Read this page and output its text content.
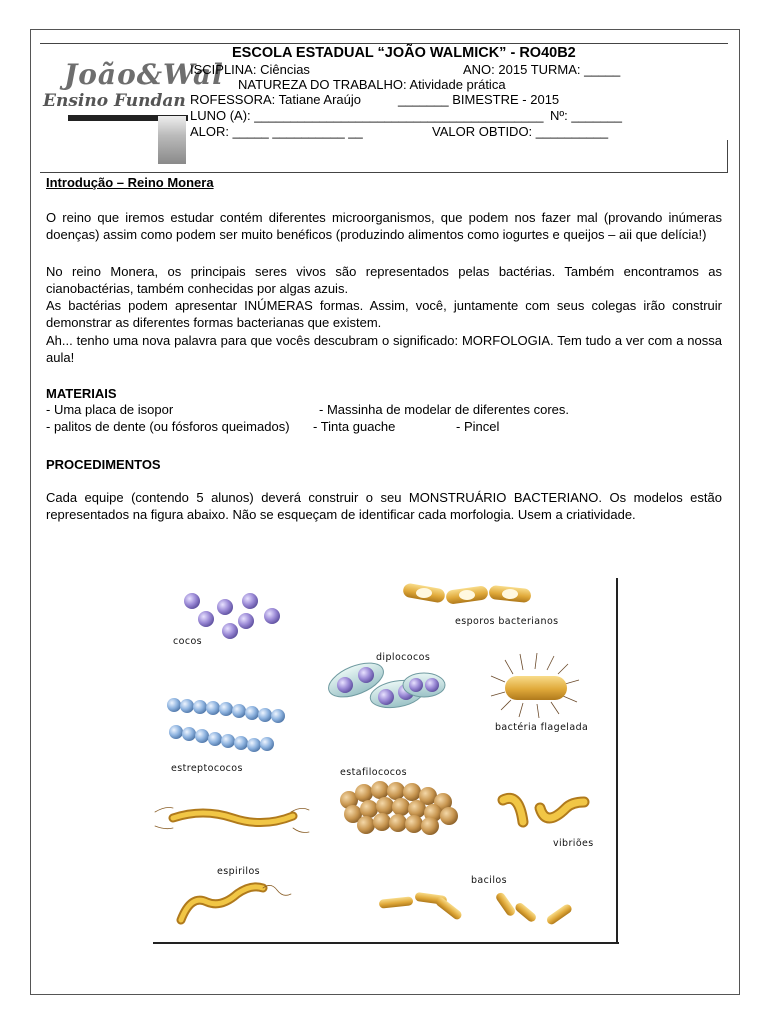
João&Wal
Ensino Fundan
ESCOLA ESTADUAL “JOÃO WALMICK” - RO40B2
ISCIPLINA: Ciências	ANO: 2015 TURMA: _____
NATUREZA DO TRABALHO: Atividade prática
ROFESSORA: Tatiane Araújo	_______ BIMESTRE - 2015
LUNO (A): ________________________________________ Nº: _______
ALOR: _____ __________ __	VALOR OBTIDO: __________
Introdução – Reino Monera
O reino que iremos estudar contém diferentes microorganismos, que podem nos fazer mal (provando inúmeras doenças) assim como podem ser muito benéficos (produzindo alimentos como iogurtes e queijos – aii que delícia!)
No reino Monera, os principais seres vivos são representados pelas bactérias. Também encontramos as cianobactérias, também conhecidas por algas azuis.
As bactérias podem apresentar INÚMERAS formas. Assim, você, juntamente com seus colegas irão construir demonstrar as diferentes formas bacterianas que existem.
Ah... tenho uma nova palavra para que vocês descubram o significado: MORFOLOGIA. Tem tudo a ver com a nossa aula!
MATERIAIS
- Uma placa de isopor	- Massinha de modelar de diferentes cores.
- palitos de dente (ou fósforos queimados) - Tinta guache	- Pincel
PROCEDIMENTOS
Cada equipe (contendo 5 alunos) deverá construir o seu MONSTRUÁRIO BACTERIANO. Os modelos estão representados na figura abaixo. Não se esqueçam de identificar cada morfologia. Usem a criatividade.
cocos
esporos bacterianos
diplococos
bactéria flagelada
estreptococos	estafilococos
vibriões
espirilos
bacilos
